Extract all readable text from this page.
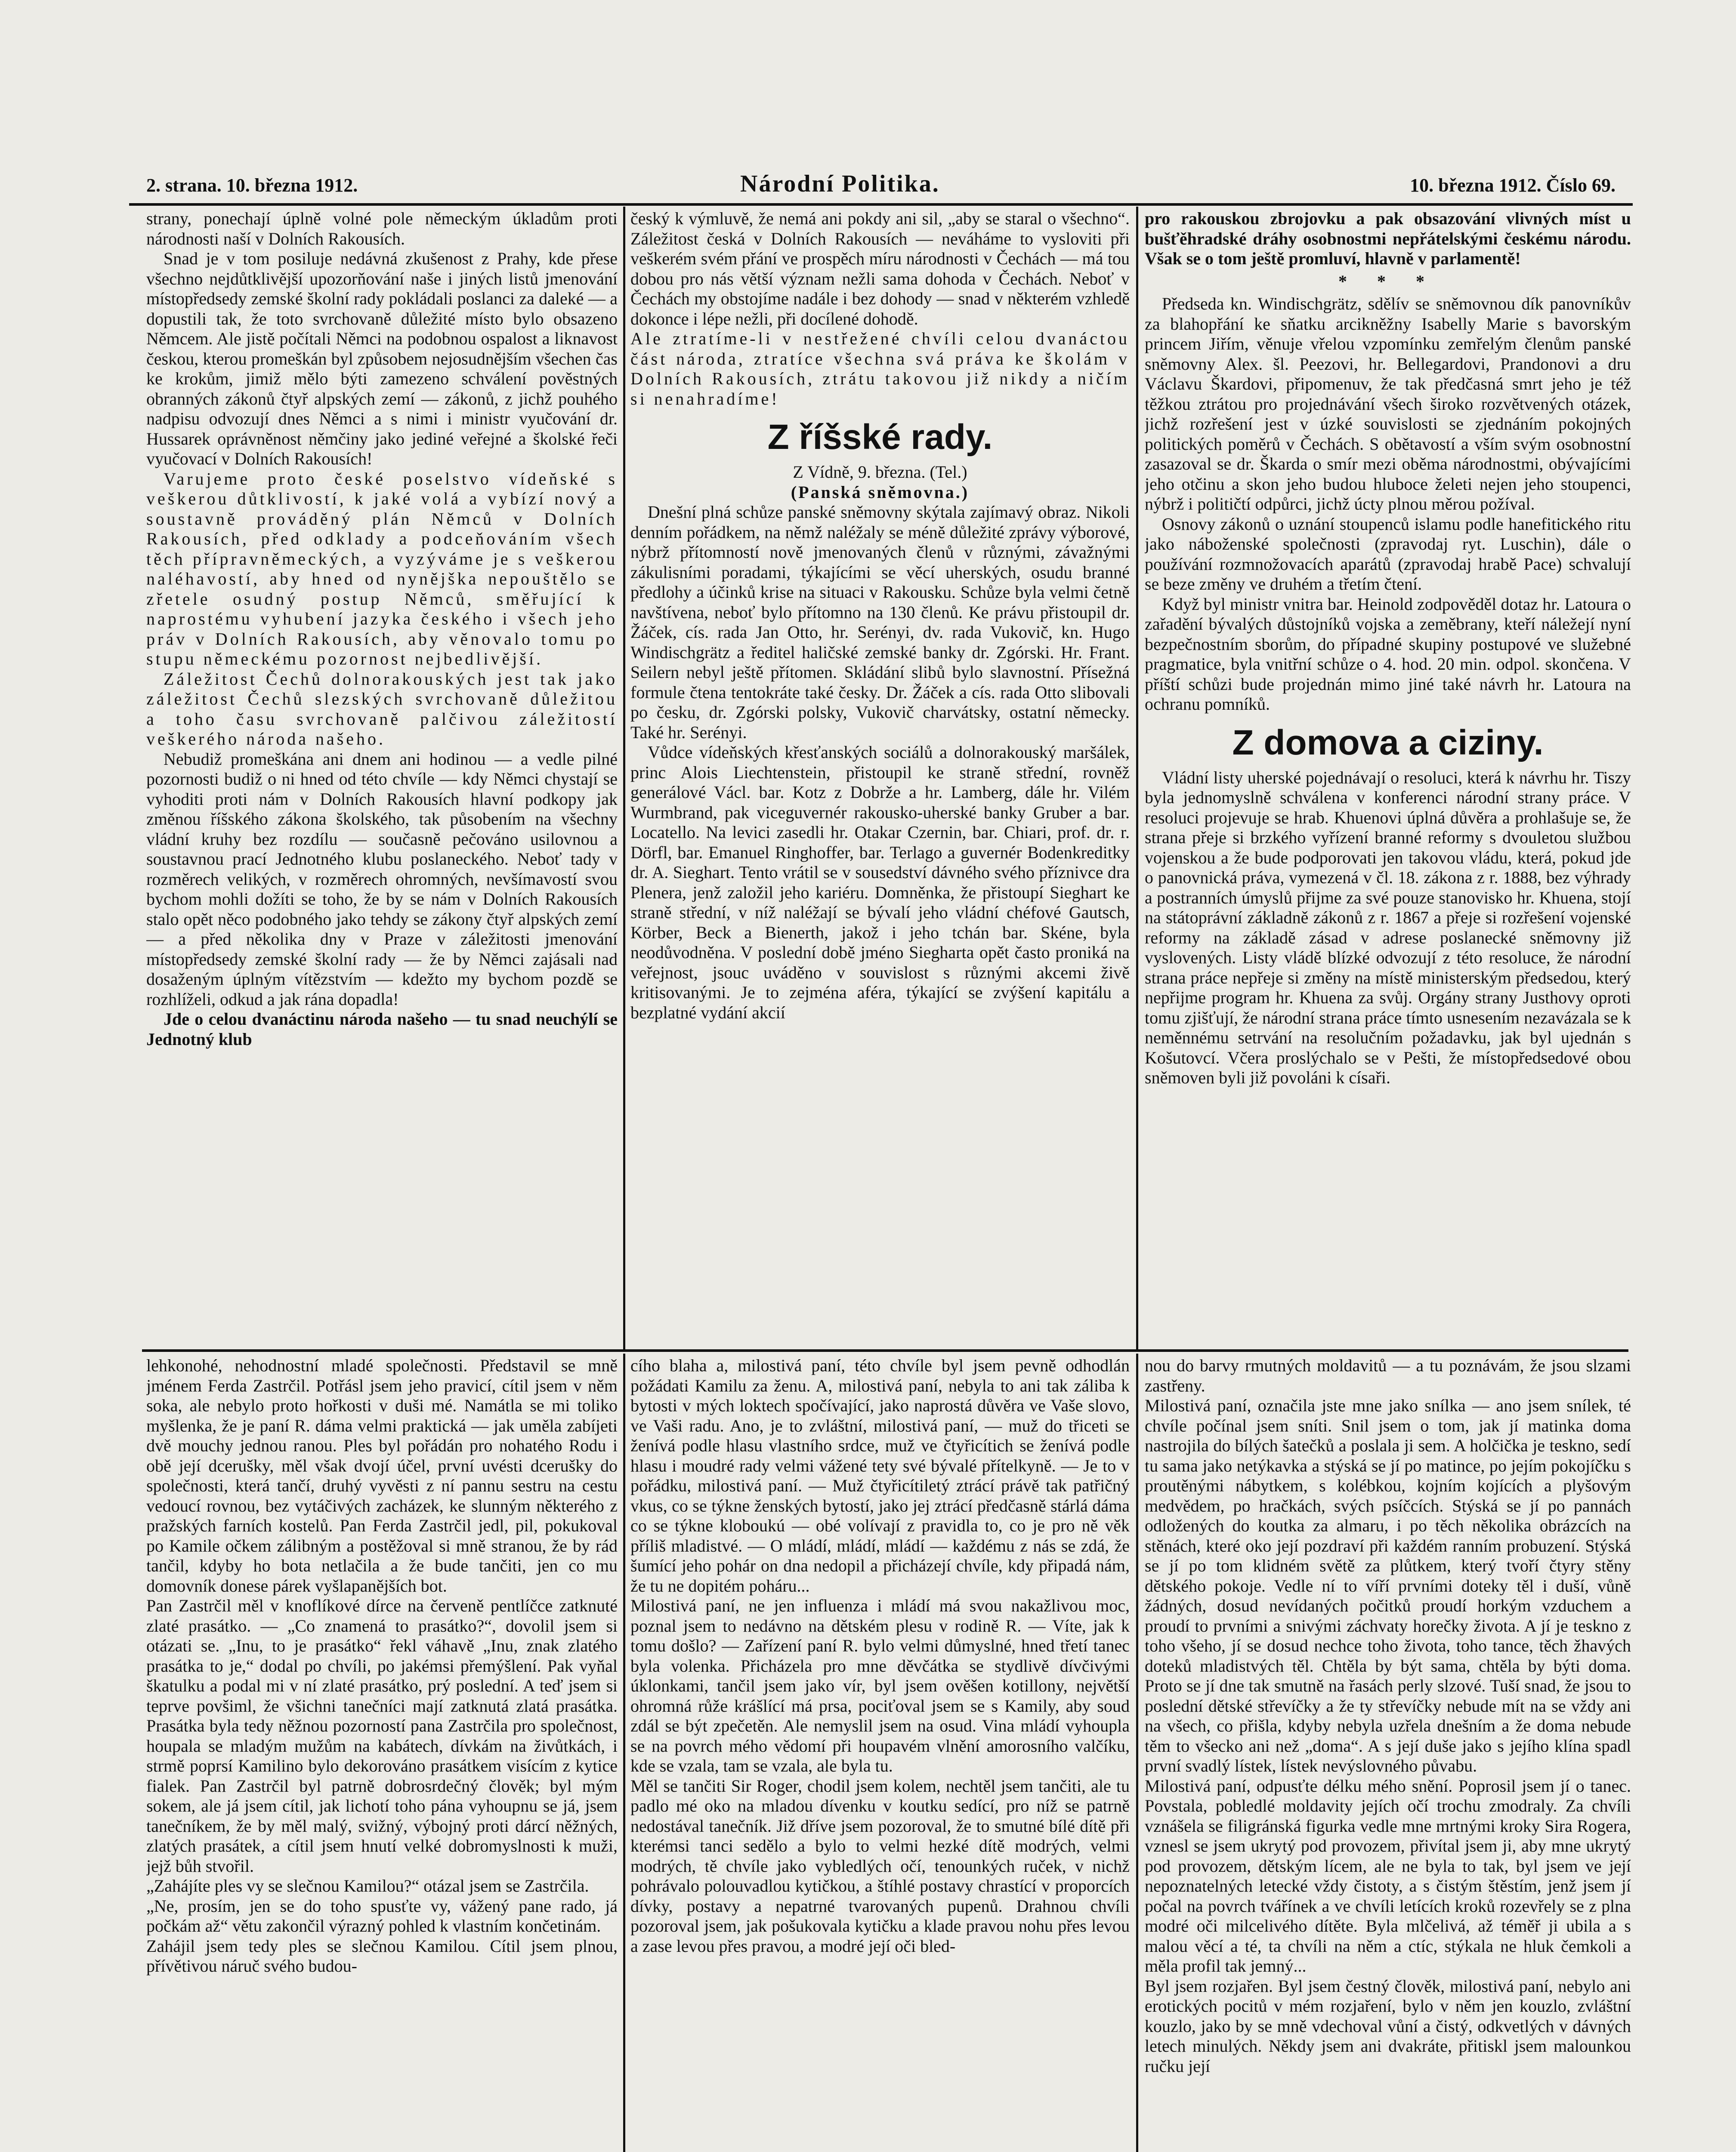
2. strana. 10. března 1912.	Národní Politika.	10. března 1912. Číslo 69.

strany, ponechají úplně volné pole německým úkladům proti národnosti naší v Dolních Rakousích.

Snad je v tom posiluje nedávná zkušenost z Prahy, kde přese všechno nejdůtklivější upozorňování naše i jiných listů jmenování místopředsedy zemské školní rady pokládali poslanci za daleké — a dopustili tak, že toto svrchovaně důležité místo bylo obsazeno Němcem. Ale jistě počítali Němci na podobnou ospalost a liknavost českou, kterou promeškán byl způsobem nejosudnějším všechen čas ke krokům, jimiž mělo býti zamezeno schválení pověstných obranných zákonů čtyř alpských zemí — zákonů, z jichž pouhého nadpisu odvozují dnes Němci a s nimi i ministr vyučování dr. Hussarek oprávněnost němčiny jako jediné veřejné a školské řeči vyučovací v Dolních Rakousích!

Varujeme proto české poselstvo vídeňské s veškerou důtklivostí, k jaké volá a vybízí nový a soustavně prováděný plán Němců v Dolních Rakousích, před odklady a podceňováním všech těch přípravněmeckých, a vyzýváme je s veškerou naléhavostí, aby hned od nynějška nepouštělo se zřetele osudný postup Němců, směřující k naprostému vyhubení jazyka českého i všech jeho práv v Dolních Rakousích, aby věnovalo tomu po stupu německému pozornost nejbedlivější.

Záležitost Čechů dolnorakouských jest tak jako záležitost Čechů slezských svrchovaně důležitou a toho času svrchovaně palčivou záležitostí veškerého národa našeho.

Nebudiž promeškána ani dnem ani hodinou — a vedle pilné pozornosti budiž o ni hned od této chvíle — kdy Němci chystají se vyhoditi proti nám v Dolních Rakousích hlavní podkopy jak změnou říšského zákona školského, tak působením na všechny vládní kruhy bez rozdílu — současně pečováno usilovnou a soustavnou prací Jednotného klubu poslaneckého. Neboť tady v rozměrech velikých, v rozměrech ohromných, nevšímavostí svou bychom mohli dožíti se toho, že by se nám v Dolních Rakousích stalo opět něco podobného jako tehdy se zákony čtyř alpských zemí — a před několika dny v Praze v záležitosti jmenování místopředsedy zemské školní rady — že by Němci zajásali nad dosaženým úplným vítězstvím — kdežto my bychom pozdě se rozhlíželi, odkud a jak rána dopadla!

Jde o celou dvanáctinu národa našeho — tu snad neuchýlí se Jednotný klub

český k výmluvě, že nemá ani pokdy ani sil, „aby se staral o všechno“. Záležitost česká v Dolních Rakousích — neváháme to vysloviti při veškerém svém přání ve prospěch míru národnosti v Čechách — má tou dobou pro nás větší význam nežli sama dohoda v Čechách. Neboť v Čechách my obstojíme nadále i bez dohody — snad v některém vzhledě dokonce i lépe nežli, při docílené dohodě.

Ale ztratíme-li v nestřežené chvíli celou dvanáctou část národa, ztratíce všechna svá práva ke školám v Dolních Rakousích, ztrátu takovou již nikdy a ničím si nenahradíme!

Z říšské rady.

Z Vídně, 9. března. (Tel.)

(Panská sněmovna.)

Dnešní plná schůze panské sněmovny skýtala zajímavý obraz. Nikoli denním pořádkem, na němž naléžaly se méně důležité zprávy výborové, nýbrž přítomností nově jmenovaných členů v různými, závažnými zákulisními poradami, týkajícími se věcí uherských, osudu branné předlohy a účinků krise na situaci v Rakousku. Schůze byla velmi četně navštívena, neboť bylo přítomno na 130 členů. Ke právu přistoupil dr. Žáček, cís. rada Jan Otto, hr. Serényi, dv. rada Vukovič, kn. Hugo Windischgrätz a ředitel haličské zemské banky dr. Zgórski. Hr. Frant. Seilern nebyl ještě přítomen. Skládání slibů bylo slavnostní. Přísežná formule čtena tentokráte také česky. Dr. Žáček a cís. rada Otto slibovali po česku, dr. Zgórski polsky, Vukovič charvátsky, ostatní německy. Také hr. Serényi.

Vůdce vídeňských křesťanských sociálů a dolnorakouský maršálek, princ Alois Liechtenstein, přistoupil ke straně střední, rovněž generálové Václ. bar. Kotz z Dobrže a hr. Lamberg, dále hr. Vilém Wurmbrand, pak viceguvernér rakousko-uherské banky Gruber a bar. Locatello. Na levici zasedli hr. Otakar Czernin, bar. Chiari, prof. dr. r. Dörfl, bar. Emanuel Ringhoffer, bar. Terlago a guvernér Bodenkreditky dr. A. Sieghart. Tento vrátil se v sousedství dávného svého příznivce dra Plenera, jenž založil jeho kariéru. Domněnka, že přistoupí Sieghart ke straně střední, v níž naléžají se bývalí jeho vládní chéfové Gautsch, Körber, Beck a Bienerth, jakož i jeho tchán bar. Skéne, byla neodůvodněna. V poslední době jméno Siegharta opět často proniká na veřejnost, jsouc uváděno v souvislost s různými akcemi živě kritisovanými. Je to zejména aféra, týkající se zvýšení kapitálu a bezplatné vydání akcií

pro rakouskou zbrojovku a pak obsazování vlivných míst u bušťěhradské dráhy osobnostmi nepřátelskými českému národu. Však se o tom ještě promluví, hlavně v parlamentě!

* * *

Předseda kn. Windischgrätz, sdělív se sněmovnou dík panovníkův za blahopřání ke sňatku arcikněžny Isabelly Marie s bavorským princem Jiřím, věnuje vřelou vzpomínku zemřelým členům panské sněmovny Alex. šl. Peezovi, hr. Bellegardovi, Prandonovi a dru Václavu Škardovi, připomenuv, že tak předčasná smrt jeho je též těžkou ztrátou pro projednávání všech široko rozvětvených otázek, jichž rozřešení jest v úzké souvislosti se zjednáním pokojných politických poměrů v Čechách. S obětavostí a vším svým osobnostní zasazoval se dr. Škarda o smír mezi oběma národnostmi, obývajícími jeho otčinu a skon jeho budou hluboce želeti nejen jeho stoupenci, nýbrž i političtí odpůrci, jichž úcty plnou měrou požíval.

Osnovy zákonů o uznání stoupenců islamu podle hanefitického ritu jako náboženské společnosti (zpravodaj ryt. Luschin), dále o používání rozmnožovacích aparátů (zpravodaj hrabě Pace) schvalují se beze změny ve druhém a třetím čtení.

Když byl ministr vnitra bar. Heinold zodpověděl dotaz hr. Latoura o zařadění bývalých důstojníků vojska a zeměbrany, kteří náležejí nyní bezpečnostním sborům, do případné skupiny postupové ve služebné pragmatice, byla vnitřní schůze o 4. hod. 20 min. odpol. skončena. V příští schůzi bude projednán mimo jiné také návrh hr. Latoura na ochranu pomníků.

Z domova a ciziny.

Vládní listy uherské pojednávají o resoluci, která k návrhu hr. Tiszy byla jednomyslně schválena v konferenci národní strany práce. V resoluci projevuje se hrab. Khuenovi úplná důvěra a prohlašuje se, že strana přeje si brzkého vyřízení branné reformy s dvouletou službou vojenskou a že bude podporovati jen takovou vládu, která, pokud jde o panovnická práva, vymezená v čl. 18. zákona z r. 1888, bez výhrady a postranních úmyslů přijme za své pouze stanovisko hr. Khuena, stojí na státoprávní základně zákonů z r. 1867 a přeje si rozřešení vojenské reformy na základě zásad v adrese poslanecké sněmovny již vyslovených. Listy vládě blízké odvozují z této resoluce, že národní strana práce nepřeje si změny na místě ministerským předsedou, který nepřijme program hr. Khuena za svůj. Orgány strany Justhovy oproti tomu zjišťují, že národní strana práce tímto usnesením nezavázala se k neměnnému setrvání na resolučním požadavku, jak byl ujednán s Košutovcí. Včera proslýchalo se v Pešti, že místopředsedové obou sněmoven byli již povoláni k císaři.

lehkonohé, nehodnostní mladé společnosti. Představil se mně jménem Ferda Zastrčil. Potřásl jsem jeho pravicí, cítil jsem v něm soka, ale nebylo proto hořkosti v duši mé. Namátla se mi toliko myšlenka, že je paní R. dáma velmi praktická — jak uměla zabíjeti dvě mouchy jednou ranou. Ples byl pořádán pro nohatého Rodu i obě její dcerušky, měl však dvojí účel, první uvésti dcerušky do společnosti, která tančí, druhý vyvěsti z ní pannu sestru na cestu vedoucí rovnou, bez vytáčivých zacházek, ke slunným některého z pražských farních kostelů. Pan Ferda Zastrčil jedl, pil, pokukoval po Kamile očkem zálibným a postěžoval si mně stranou, že by rád tančil, kdyby ho bota netlačila a že bude tančiti, jen co mu domovník donese párek vyšlapanějších bot.
Pan Zastrčil měl v knoflíkové dírce na červeně pentlíčce zatknuté zlaté prasátko. — „Co znamená to prasátko?“, dovolil jsem si otázati se. „Inu, to je prasátko“ řekl váhavě „Inu, znak zlatého prasátka to je,“ dodal po chvíli, po jakémsi přemýšlení. Pak vyňal škatulku a podal mi v ní zlaté prasátko, prý poslední. A teď jsem si teprve povšiml, že všichni tanečníci mají zatknutá zlatá prasátka. Prasátka byla tedy něžnou pozorností pana Zastrčila pro společnost, houpala se mladým mužům na kabátech, dívkám na živůtkách, i strmě poprsí Kamilino bylo dekorováno prasátkem visícím z kytice fialek. Pan Zastrčil byl patrně dobrosrdečný člověk; byl mým sokem, ale já jsem cítil, jak lichotí toho pána vyhoupnu se já, jsem tanečníkem, že by měl malý, svižný, výbojný proti dárcí něžných, zlatých prasátek, a cítil jsem hnutí velké dobromyslnosti k muži, jejž bůh stvořil.
„Zahájíte ples vy se slečnou Kamilou?“ otázal jsem se Zastrčila.
„Ne, prosím, jen se do toho spusťte vy, vážený pane rado, já počkám až“ větu zakončil výrazný pohled k vlastním končetinám.
Zahájil jsem tedy ples se slečnou Kamilou. Cítil jsem plnou, přívětivou náruč svého budou-
cího blaha a, milostivá paní, této chvíle byl jsem pevně odhodlán požádati Kamilu za ženu. A, milostivá paní, nebyla to ani tak záliba k bytosti v mých loktech spočívající, jako naprostá důvěra ve Vaše slovo, ve Vaši radu. Ano, je to zvláštní, milostivá paní, — muž do třiceti se ženívá podle hlasu vlastního srdce, muž ve čtyřicítich se ženívá podle hlasu i moudré rady velmi vážené tety své bývalé přítelkyně. — Je to v pořádku, milostivá paní. — Muž čtyřicítiletý ztrácí právě tak patřičný vkus, co se týkne ženských bytostí, jako jej ztrácí předčasně stárlá dáma co se týkne kloboukú — obé volívají z pravidla to, co je pro ně věk příliš mladistvé. — O mládí, mládí, mládí — každému z nás se zdá, že šumící jeho pohár on dna nedopil a přicházejí chvíle, kdy připadá nám, že tu ne dopitém poháru...
Milostivá paní, ne jen influenza i mládí má svou nakažlivou moc, poznal jsem to nedávno na dětském plesu v rodině R. — Víte, jak k tomu došlo? — Zařízení paní R. bylo velmi důmyslné, hned třetí tanec byla volenka. Přicházela pro mne děvčátka se stydlivě dívčivými úklonkami, tančil jsem jako vír, byl jsem ověšen kotillony, největší ohromná růže krášlící má prsa, pociťoval jsem se s Kamily, aby soud zdál se být zpečetěn. Ale nemyslil jsem na osud. Vina mládí vyhoupla se na povrch mého vědomí při houpavém vlnění amorosního valčíku, kde se vzala, tam se vzala, ale byla tu.
Měl se tančiti Sir Roger, chodil jsem kolem, nechtěl jsem tančiti, ale tu padlo mé oko na mladou dívenku v koutku sedící, pro níž se patrně nedostával tanečník. Již dříve jsem pozoroval, že to smutné bílé dítě při kterémsi tanci sedělo a bylo to velmi hezké dítě modrých, velmi modrých, tě chvíle jako vybledlých očí, tenounkých ruček, v nichž pohrávalo polouvadlou kytičkou, a štíhlé postavy chrastící v proporcích dívky, postavy a nepatrné tvarovaných pupenů. Drahnou chvíli pozoroval jsem, jak pošukovala kytičku a klade pravou nohu přes levou a zase levou přes pravou, a modré její oči bled-
nou do barvy rmutných moldavitů — a tu poznávám, že jsou slzami zastřeny.
Milostivá paní, označila jste mne jako snílka — ano jsem snílek, té chvíle počínal jsem sníti. Snil jsem o tom, jak jí matinka doma nastrojila do bílých šatečků a poslala ji sem. A holčička je teskno, sedí tu sama jako netýkavka a stýská se jí po matince, po jejím pokojíčku s proutěnými nábytkem, s kolébkou, kojním kojících a plyšovým medvědem, po hračkách, svých psíčcích. Stýská se jí po pannách odložených do koutka za almaru, i po těch několika obrázcích na stěnách, které oko její pozdraví při každém ranním probuzení. Stýská se jí po tom klidném světě za plůtkem, který tvoří čtyry stěny dětského pokoje. Vedle ní to víří prvními doteky těl i duší, vůně žádných, dosud nevídaných počitků proudí horkým vzduchem a proudí to prvními a snivými záchvaty horečky života. A jí je teskno z toho všeho, jí se dosud nechce toho života, toho tance, těch žhavých doteků mladistvých těl. Chtěla by být sama, chtěla by býti doma. Proto se jí dne tak smutně na řasách perly slzové. Tuší snad, že jsou to poslední dětské střevíčky a že ty střevíčky nebude mít na se vždy ani na všech, co přišla, kdyby nebyla uzřela dnešním a že doma nebude těm to všecko ani než „doma“. A s její duše jako s jejího klína spadl první svadlý lístek, lístek nevýslovného půvabu.
Milostivá paní, odpusťte délku mého snění. Poprosil jsem jí o tanec. Povstala, pobledlé moldavity jejích očí trochu zmodraly. Za chvíli vznášela se filigránská figurka vedle mne mrtnými kroky Sira Rogera, vznesl se jsem ukrytý pod provozem, přivítal jsem ji, aby mne ukrytý pod provozem, dětským lícem, ale ne byla to tak, byl jsem ve její nepoznatelných letecké vždy čistoty, a s čistým štěstím, jenž jsem jí počal na povrch tvářínek a ve chvíli letících kroků rozevřely se z plna modré oči milcelivého dítěte. Byla mlčelivá, až téměř ji ubila a s malou věcí a té, ta chvíli na něm a ctíc, stýkala ne hluk čemkoli a měla profil tak jemný...
Byl jsem rozjařen. Byl jsem čestný člověk, milostivá paní, nebylo ani erotických pocitů v mém rozjaření, bylo v něm jen kouzlo, zvláštní kouzlo, jako by se mně vdechoval vůní a čistý, odkvetlých v dávných letech minulých. Někdy jsem ani dvakráte, přitiskl jsem malounkou ručku její
